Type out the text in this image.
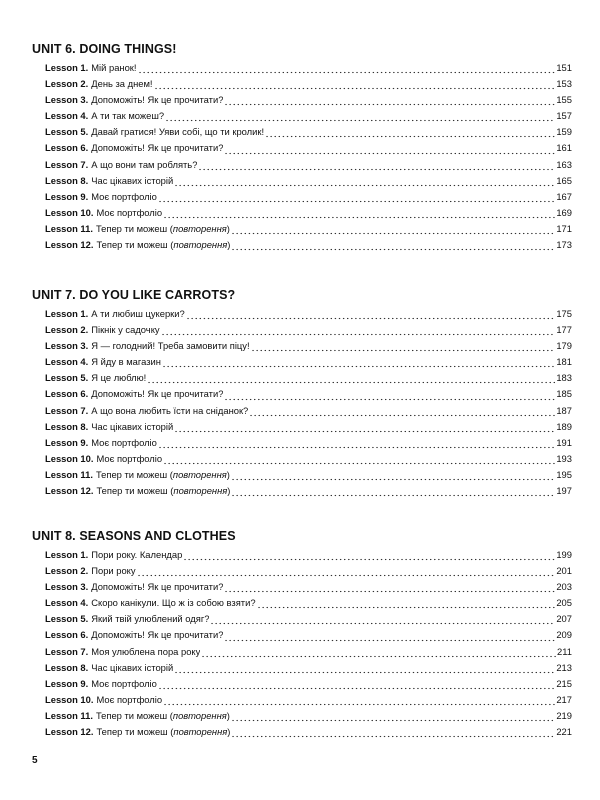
UNIT 6. DOING THINGS!
Lesson 1. Мій ранок!	151
Lesson 2. День за днем!	153
Lesson 3. Допоможіть! Як це прочитати?	155
Lesson 4. А ти так можеш?	157
Lesson 5. Давай гратися! Уяви собі, що ти кролик!	159
Lesson 6. Допоможіть! Як це прочитати?	161
Lesson 7. А що вони там роблять?	163
Lesson 8. Час цікавих історій	165
Lesson 9. Моє портфоліо	167
Lesson 10. Моє портфоліо	169
Lesson 11. Тепер ти можеш (повторення)	171
Lesson 12. Тепер ти можеш (повторення)	173
UNIT 7. DO YOU LIKE CARROTS?
Lesson 1. А ти любиш цукерки?	175
Lesson 2. Пікнік у садочку	177
Lesson 3. Я — голодний! Треба замовити піцу!	179
Lesson 4. Я йду в магазин	181
Lesson 5. Я це люблю!	183
Lesson 6. Допоможіть! Як це прочитати?	185
Lesson 7. А що вона любить їсти на сніданок?	187
Lesson 8. Час цікавих історій	189
Lesson 9. Моє портфоліо	191
Lesson 10. Моє портфоліо	193
Lesson 11. Тепер ти можеш (повторення)	195
Lesson 12. Тепер ти можеш (повторення)	197
UNIT 8. SEASONS AND CLOTHES
Lesson 1. Пори року. Календар	199
Lesson 2. Пори року	201
Lesson 3. Допоможіть! Як це прочитати?	203
Lesson 4. Скоро канікули. Що ж із собою взяти?	205
Lesson 5. Який твій улюблений одяг?	207
Lesson 6. Допоможіть! Як це прочитати?	209
Lesson 7. Моя улюблена пора року	211
Lesson 8. Час цікавих історій	213
Lesson 9. Моє портфоліо	215
Lesson 10. Моє портфоліо	217
Lesson 11. Тепер ти можеш (повторення)	219
Lesson 12. Тепер ти можеш (повторення)	221
5
